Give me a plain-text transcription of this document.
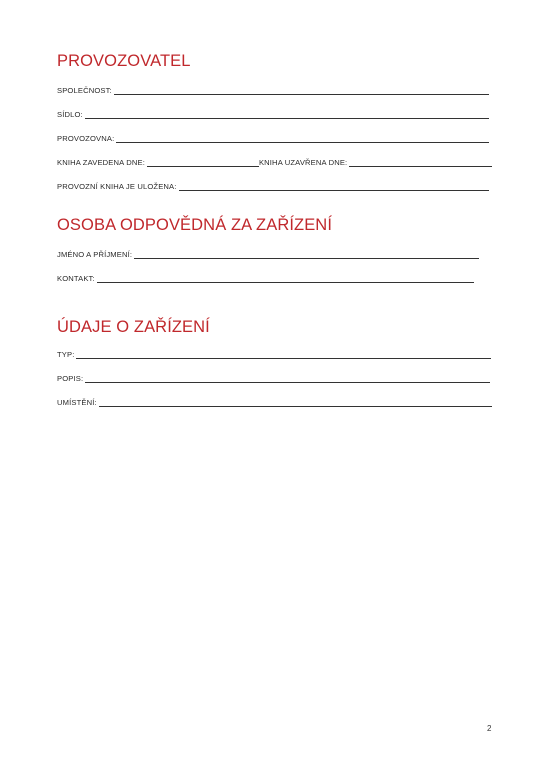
PROVOZOVATEL
SPOLEČNOST:
SÍDLO:
PROVOZOVNA:
KNIHA ZAVEDENA DNE:	KNIHA UZAVŘENA DNE:
PROVOZNÍ KNIHA JE ULOŽENA:
OSOBA ODPOVĚDNÁ ZA ZAŘÍZENÍ
JMÉNO A PŘÍJMENÍ:
KONTAKT:
ÚDAJE O ZAŘÍZENÍ
TYP:
POPIS:
UMÍSTĚNÍ:
2
